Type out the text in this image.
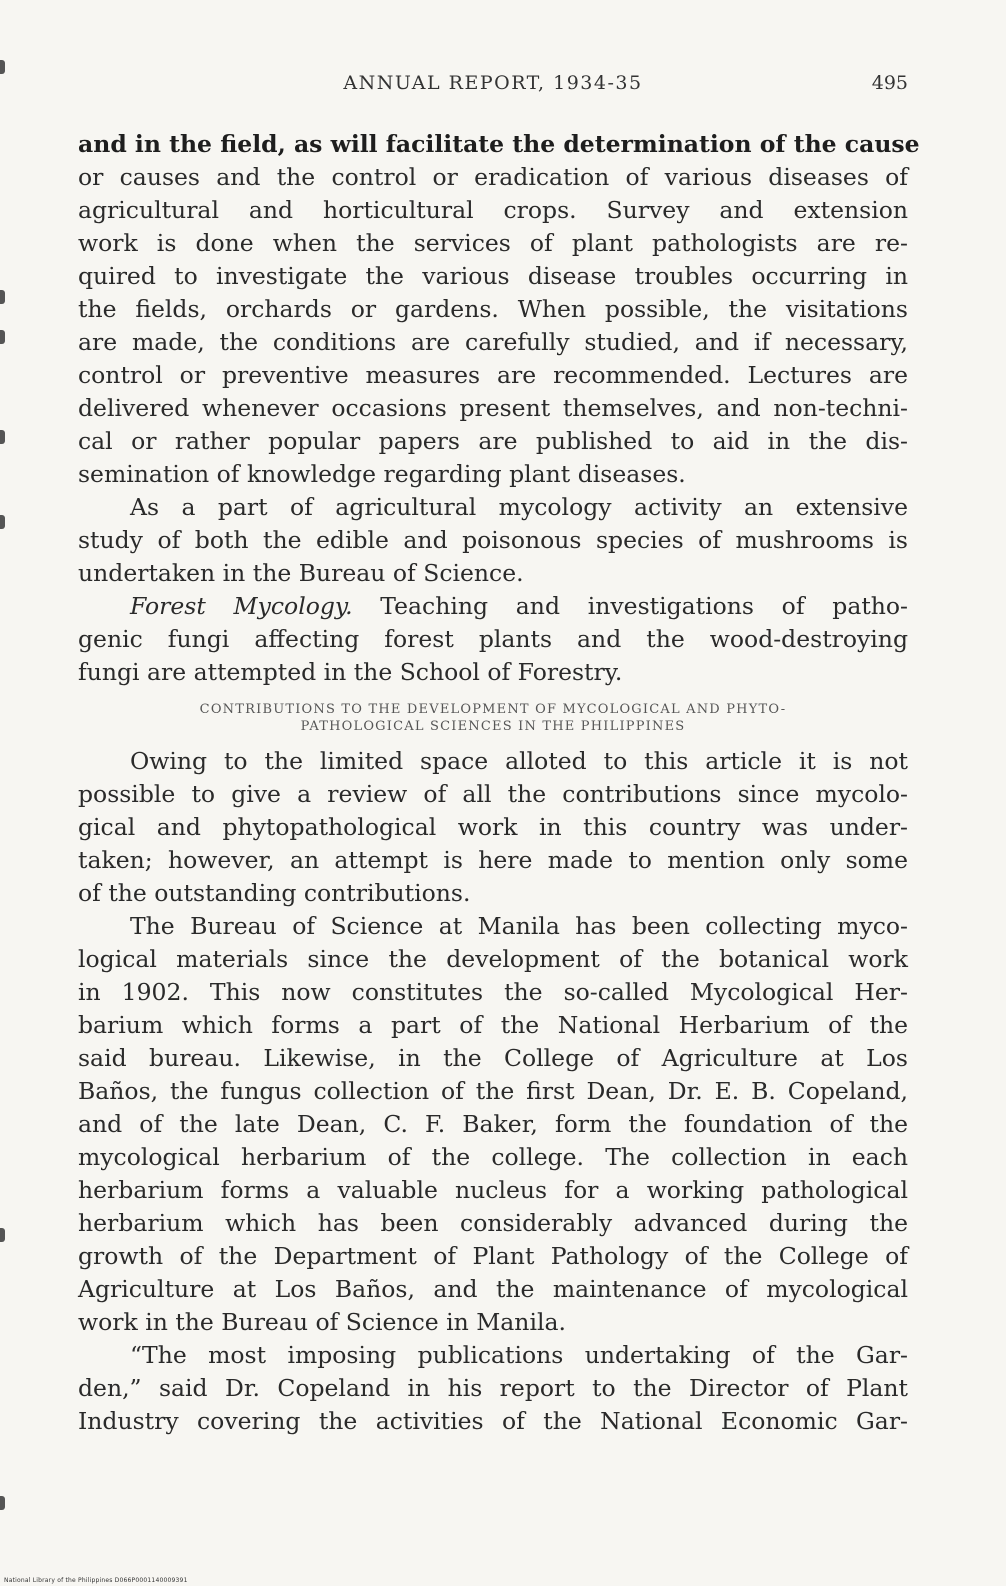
ANNUAL REPORT, 1934-35	495

and in the field, as will facilitate the determination of the cause
or causes and the control or eradication of various diseases of
agricultural and horticultural crops. Survey and extension
work is done when the services of plant pathologists are re-
quired to investigate the various disease troubles occurring in
the fields, orchards or gardens. When possible, the visitations
are made, the conditions are carefully studied, and if necessary,
control or preventive measures are recommended. Lectures are
delivered whenever occasions present themselves, and non-techni-
cal or rather popular papers are published to aid in the dis-
semination of knowledge regarding plant diseases.

As a part of agricultural mycology activity an extensive
study of both the edible and poisonous species of mushrooms is
undertaken in the Bureau of Science.

Forest Mycology. Teaching and investigations of patho-
genic fungi affecting forest plants and the wood-destroying
fungi are attempted in the School of Forestry.

CONTRIBUTIONS TO THE DEVELOPMENT OF MYCOLOGICAL AND PHYTO-
PATHOLOGICAL SCIENCES IN THE PHILIPPINES

Owing to the limited space alloted to this article it is not
possible to give a review of all the contributions since mycolo-
gical and phytopathological work in this country was under-
taken; however, an attempt is here made to mention only some
of the outstanding contributions.

The Bureau of Science at Manila has been collecting myco-
logical materials since the development of the botanical work
in 1902. This now constitutes the so-called Mycological Her-
barium which forms a part of the National Herbarium of the
said bureau. Likewise, in the College of Agriculture at Los
Baños, the fungus collection of the first Dean, Dr. E. B. Copeland,
and of the late Dean, C. F. Baker, form the foundation of the
mycological herbarium of the college. The collection in each
herbarium forms a valuable nucleus for a working pathological
herbarium which has been considerably advanced during the
growth of the Department of Plant Pathology of the College of
Agriculture at Los Baños, and the maintenance of mycological
work in the Bureau of Science in Manila.

“The most imposing publications undertaking of the Gar-
den,” said Dr. Copeland in his report to the Director of Plant
Industry covering the activities of the National Economic Gar-

National Library of the Philippines D066P0001140009391
